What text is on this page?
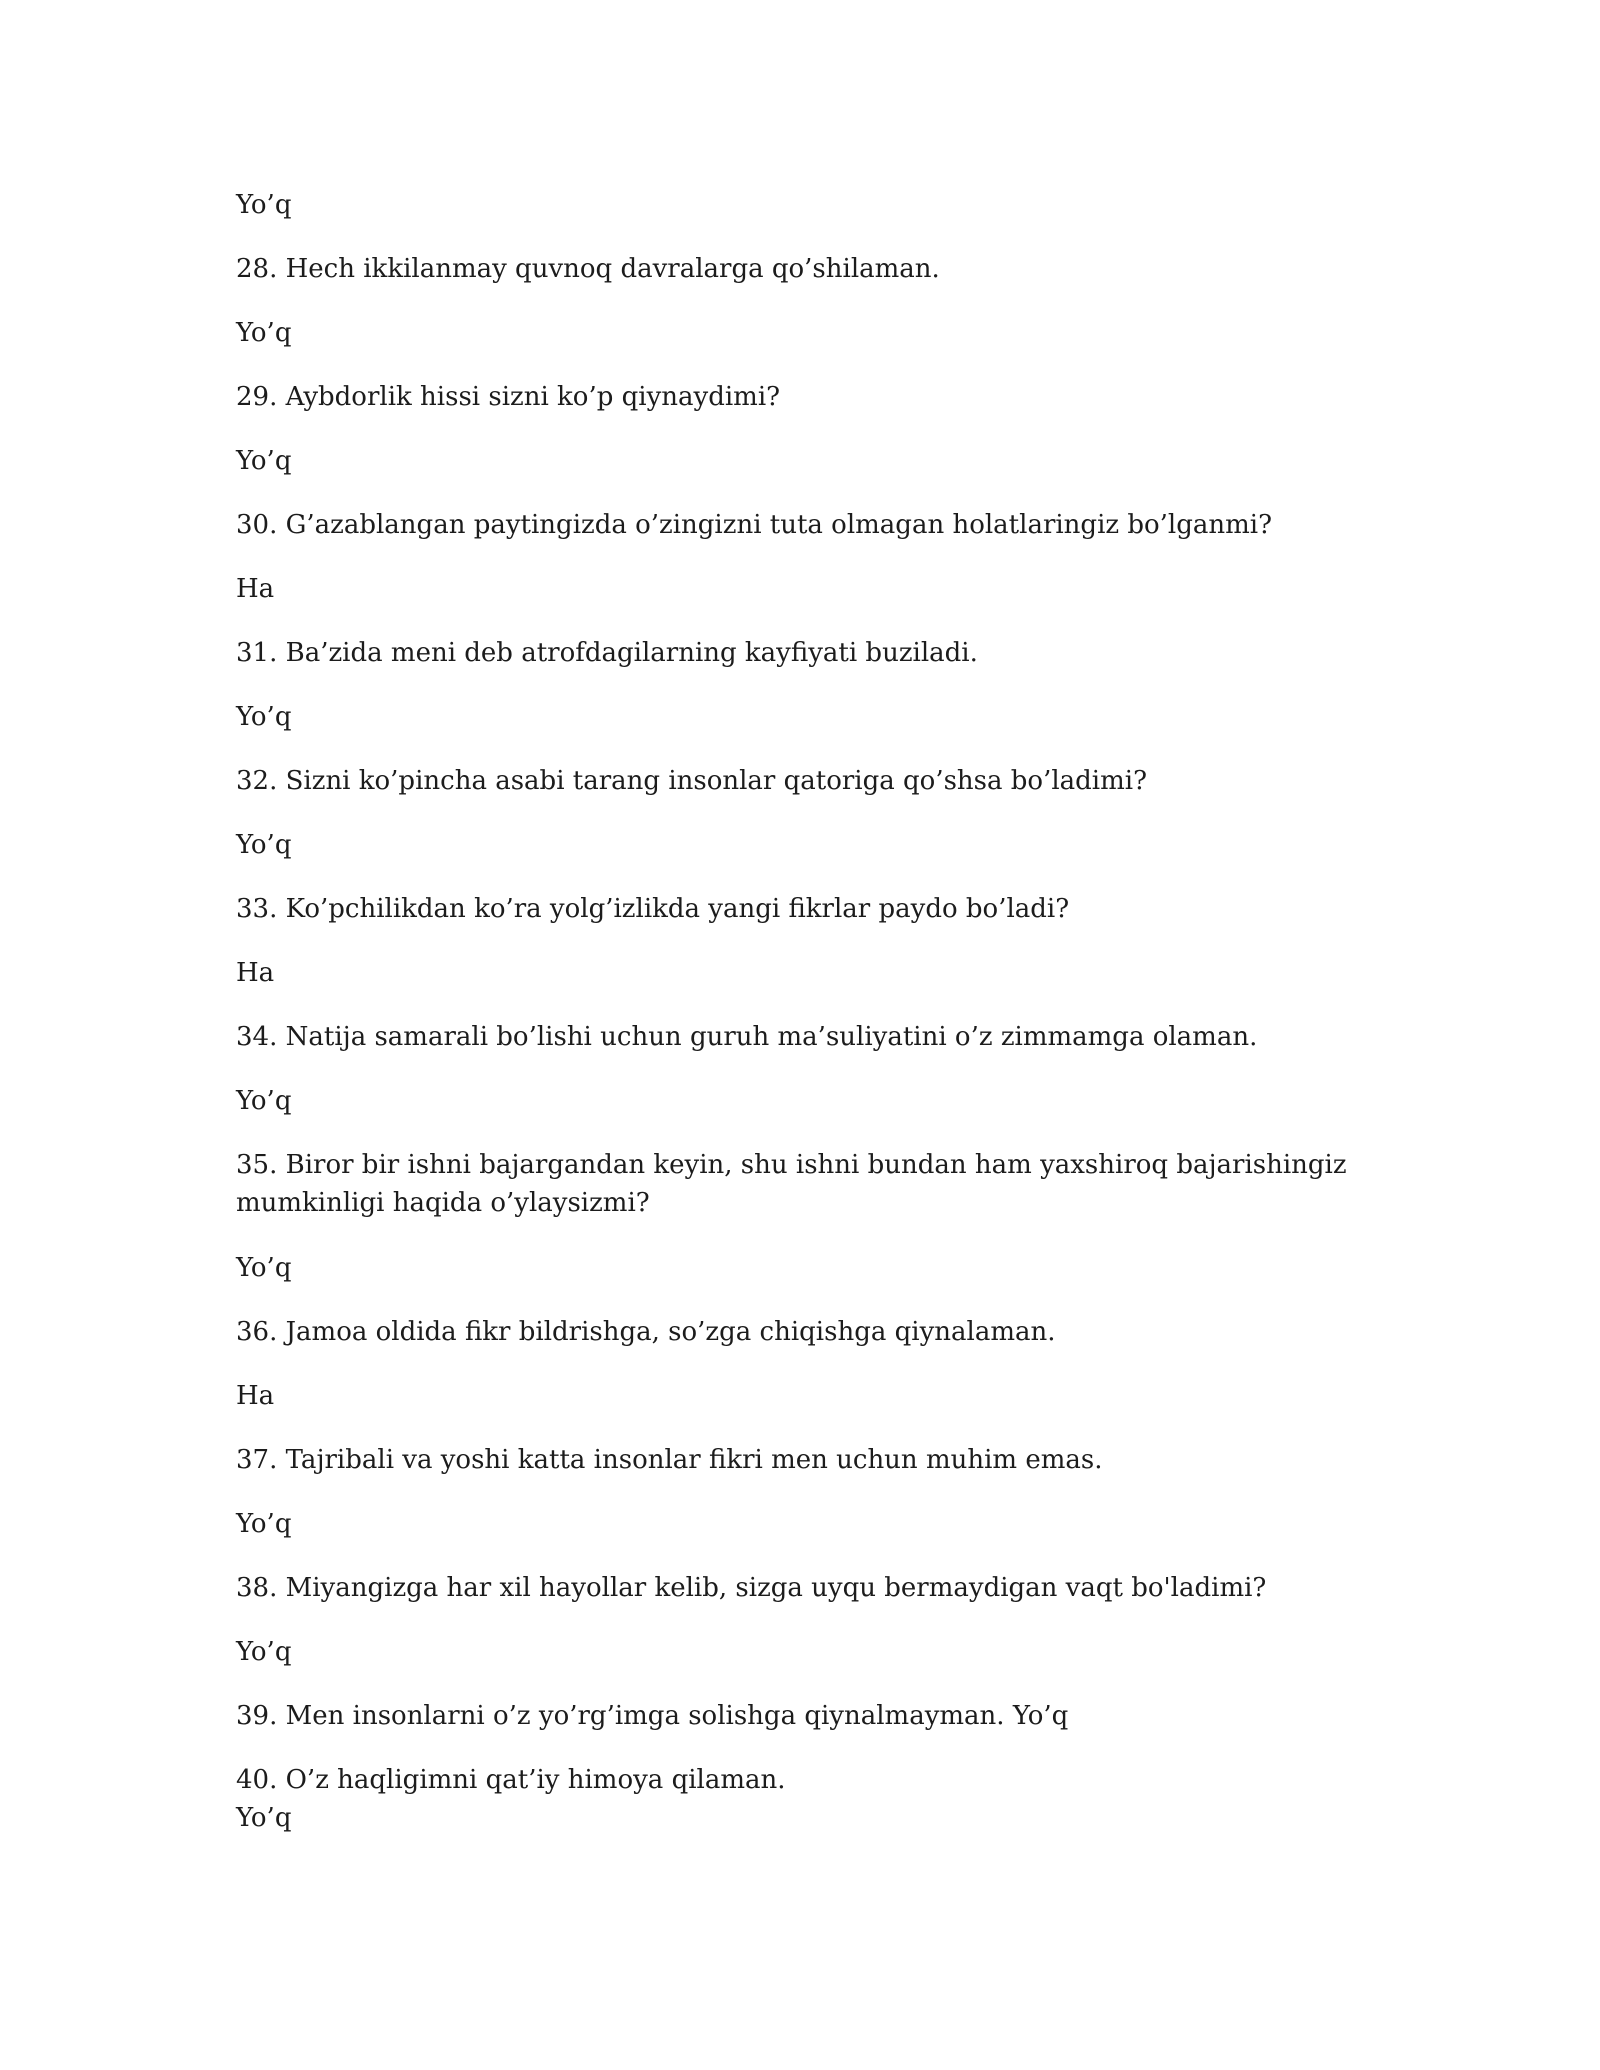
Yo’q
28. Hech ikkilanmay quvnoq davralarga qo’shilaman.
Yo’q
29. Aybdorlik hissi sizni ko’p qiynaydimi?
Yo’q
30. G’azablangan paytingizda o’zingizni tuta olmagan holatlaringiz bo’lganmi?
Ha
31. Ba’zida meni deb atrofdagilarning kayfiyati buziladi.
Yo’q
32. Sizni ko’pincha asabi tarang insonlar qatoriga qo’shsa bo’ladimi?
Yo’q
33. Ko’pchilikdan ko’ra yolg’izlikda yangi fikrlar paydo bo’ladi?
Ha
34. Natija samarali bo’lishi uchun guruh ma’suliyatini o’z zimmamga olaman.
Yo’q
35. Biror bir ishni bajargandan keyin, shu ishni bundan ham yaxshiroq bajarishingiz
mumkinligi haqida o’ylaysizmi?
Yo’q
36. Jamoa oldida fikr bildrishga, so’zga chiqishga qiynalaman.
Ha
37. Tajribali va yoshi katta insonlar fikri men uchun muhim emas.
Yo’q
38. Miyangizga har xil hayollar kelib, sizga uyqu bermaydigan vaqt bo'ladimi?
Yo’q
39. Men insonlarni o’z yo’rg’imga solishga qiynalmayman. Yo’q
40. O’z haqligimni qat’iy himoya qilaman.
Yo’q
